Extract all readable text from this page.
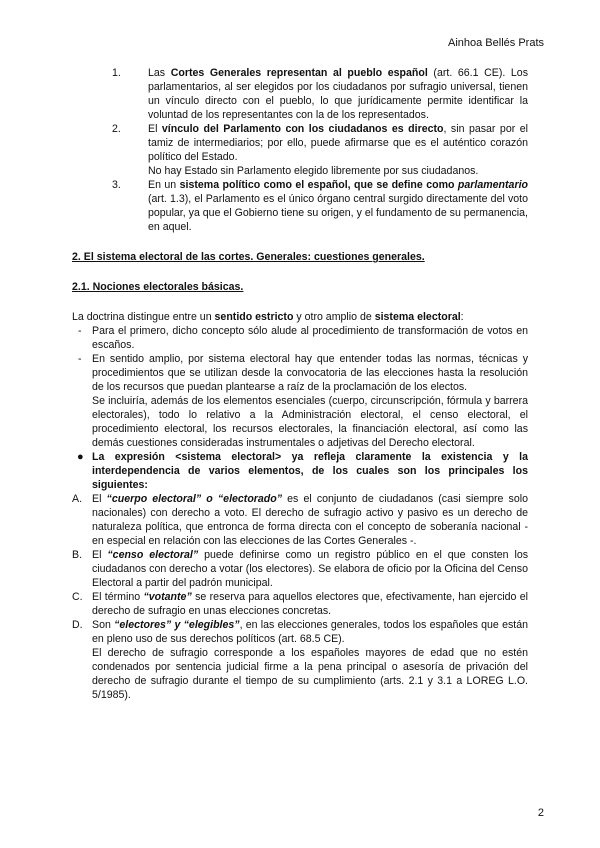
Ainhoa Bellés Prats
1.	Las Cortes Generales representan al pueblo español (art. 66.1 CE). Los parlamentarios, al ser elegidos por los ciudadanos por sufragio universal, tienen un vínculo directo con el pueblo, lo que jurídicamente permite identificar la voluntad de los representantes con la de los representados.
2.	El vínculo del Parlamento con los ciudadanos es directo, sin pasar por el tamiz de intermediarios; por ello, puede afirmarse que es el auténtico corazón político del Estado.
No hay Estado sin Parlamento elegido libremente por sus ciudadanos.
3.	En un sistema político como el español, que se define como parlamentario (art. 1.3), el Parlamento es el único órgano central surgido directamente del voto popular, ya que el Gobierno tiene su origen, y el fundamento de su permanencia, en aquel.
2. El sistema electoral de las cortes. Generales: cuestiones generales.
2.1. Nociones electorales básicas.
La doctrina distingue entre un sentido estricto y otro amplio de sistema electoral:
- Para el primero, dicho concepto sólo alude al procedimiento de transformación de votos en escaños.
- En sentido amplio, por sistema electoral hay que entender todas las normas, técnicas y procedimientos que se utilizan desde la convocatoria de las elecciones hasta la resolución de los recursos que puedan plantearse a raíz de la proclamación de los electos.
Se incluiría, además de los elementos esenciales (cuerpo, circunscripción, fórmula y barrera electorales), todo lo relativo a la Administración electoral, el censo electoral, el procedimiento electoral, los recursos electorales, la financiación electoral, así como las demás cuestiones consideradas instrumentales o adjetivas del Derecho electoral.
● La expresión <sistema electoral> ya refleja claramente la existencia y la interdependencia de varios elementos, de los cuales son los principales los siguientes:
A. El “cuerpo electoral” o “electorado” es el conjunto de ciudadanos (casi siempre solo nacionales) con derecho a voto. El derecho de sufragio activo y pasivo es un derecho de naturaleza política, que entronca de forma directa con el concepto de soberanía nacional - en especial en relación con las elecciones de las Cortes Generales -.
B. El “censo electoral” puede definirse como un registro público en el que consten los ciudadanos con derecho a votar (los electores). Se elabora de oficio por la Oficina del Censo Electoral a partir del padrón municipal.
C. El término “votante” se reserva para aquellos electores que, efectivamente, han ejercido el derecho de sufragio en unas elecciones concretas.
D. Son “electores” y “elegibles”, en las elecciones generales, todos los españoles que están en pleno uso de sus derechos políticos (art. 68.5 CE).
El derecho de sufragio corresponde a los españoles mayores de edad que no estén condenados por sentencia judicial firme a la pena principal o asesoría de privación del derecho de sufragio durante el tiempo de su cumplimiento (arts. 2.1 y 3.1 a LOREG L.O. 5/1985).
2
